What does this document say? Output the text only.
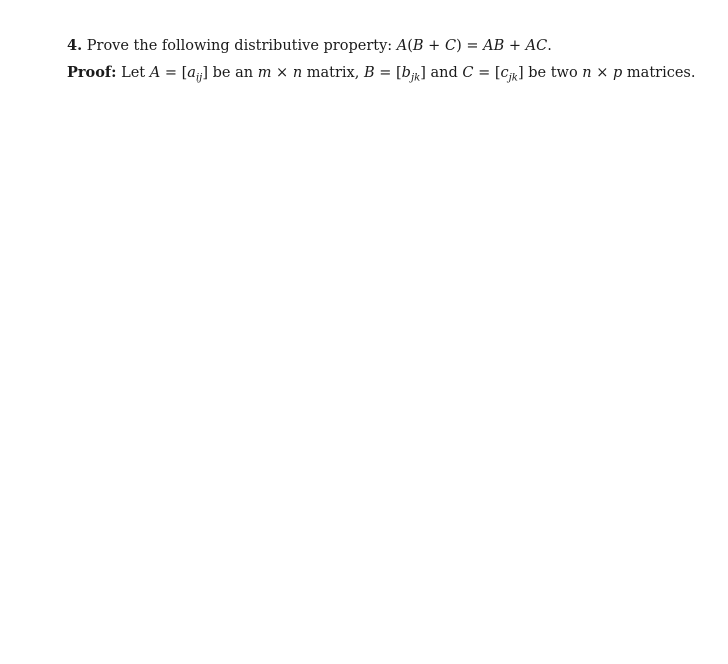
4. Prove the following distributive property: A(B + C) = AB + AC.
Proof: Let $A = [a_{ij}]$ be an m × n matrix, $B = [b_{jk}]$ and $C = [c_{jk}]$ be two n × p matrices.
